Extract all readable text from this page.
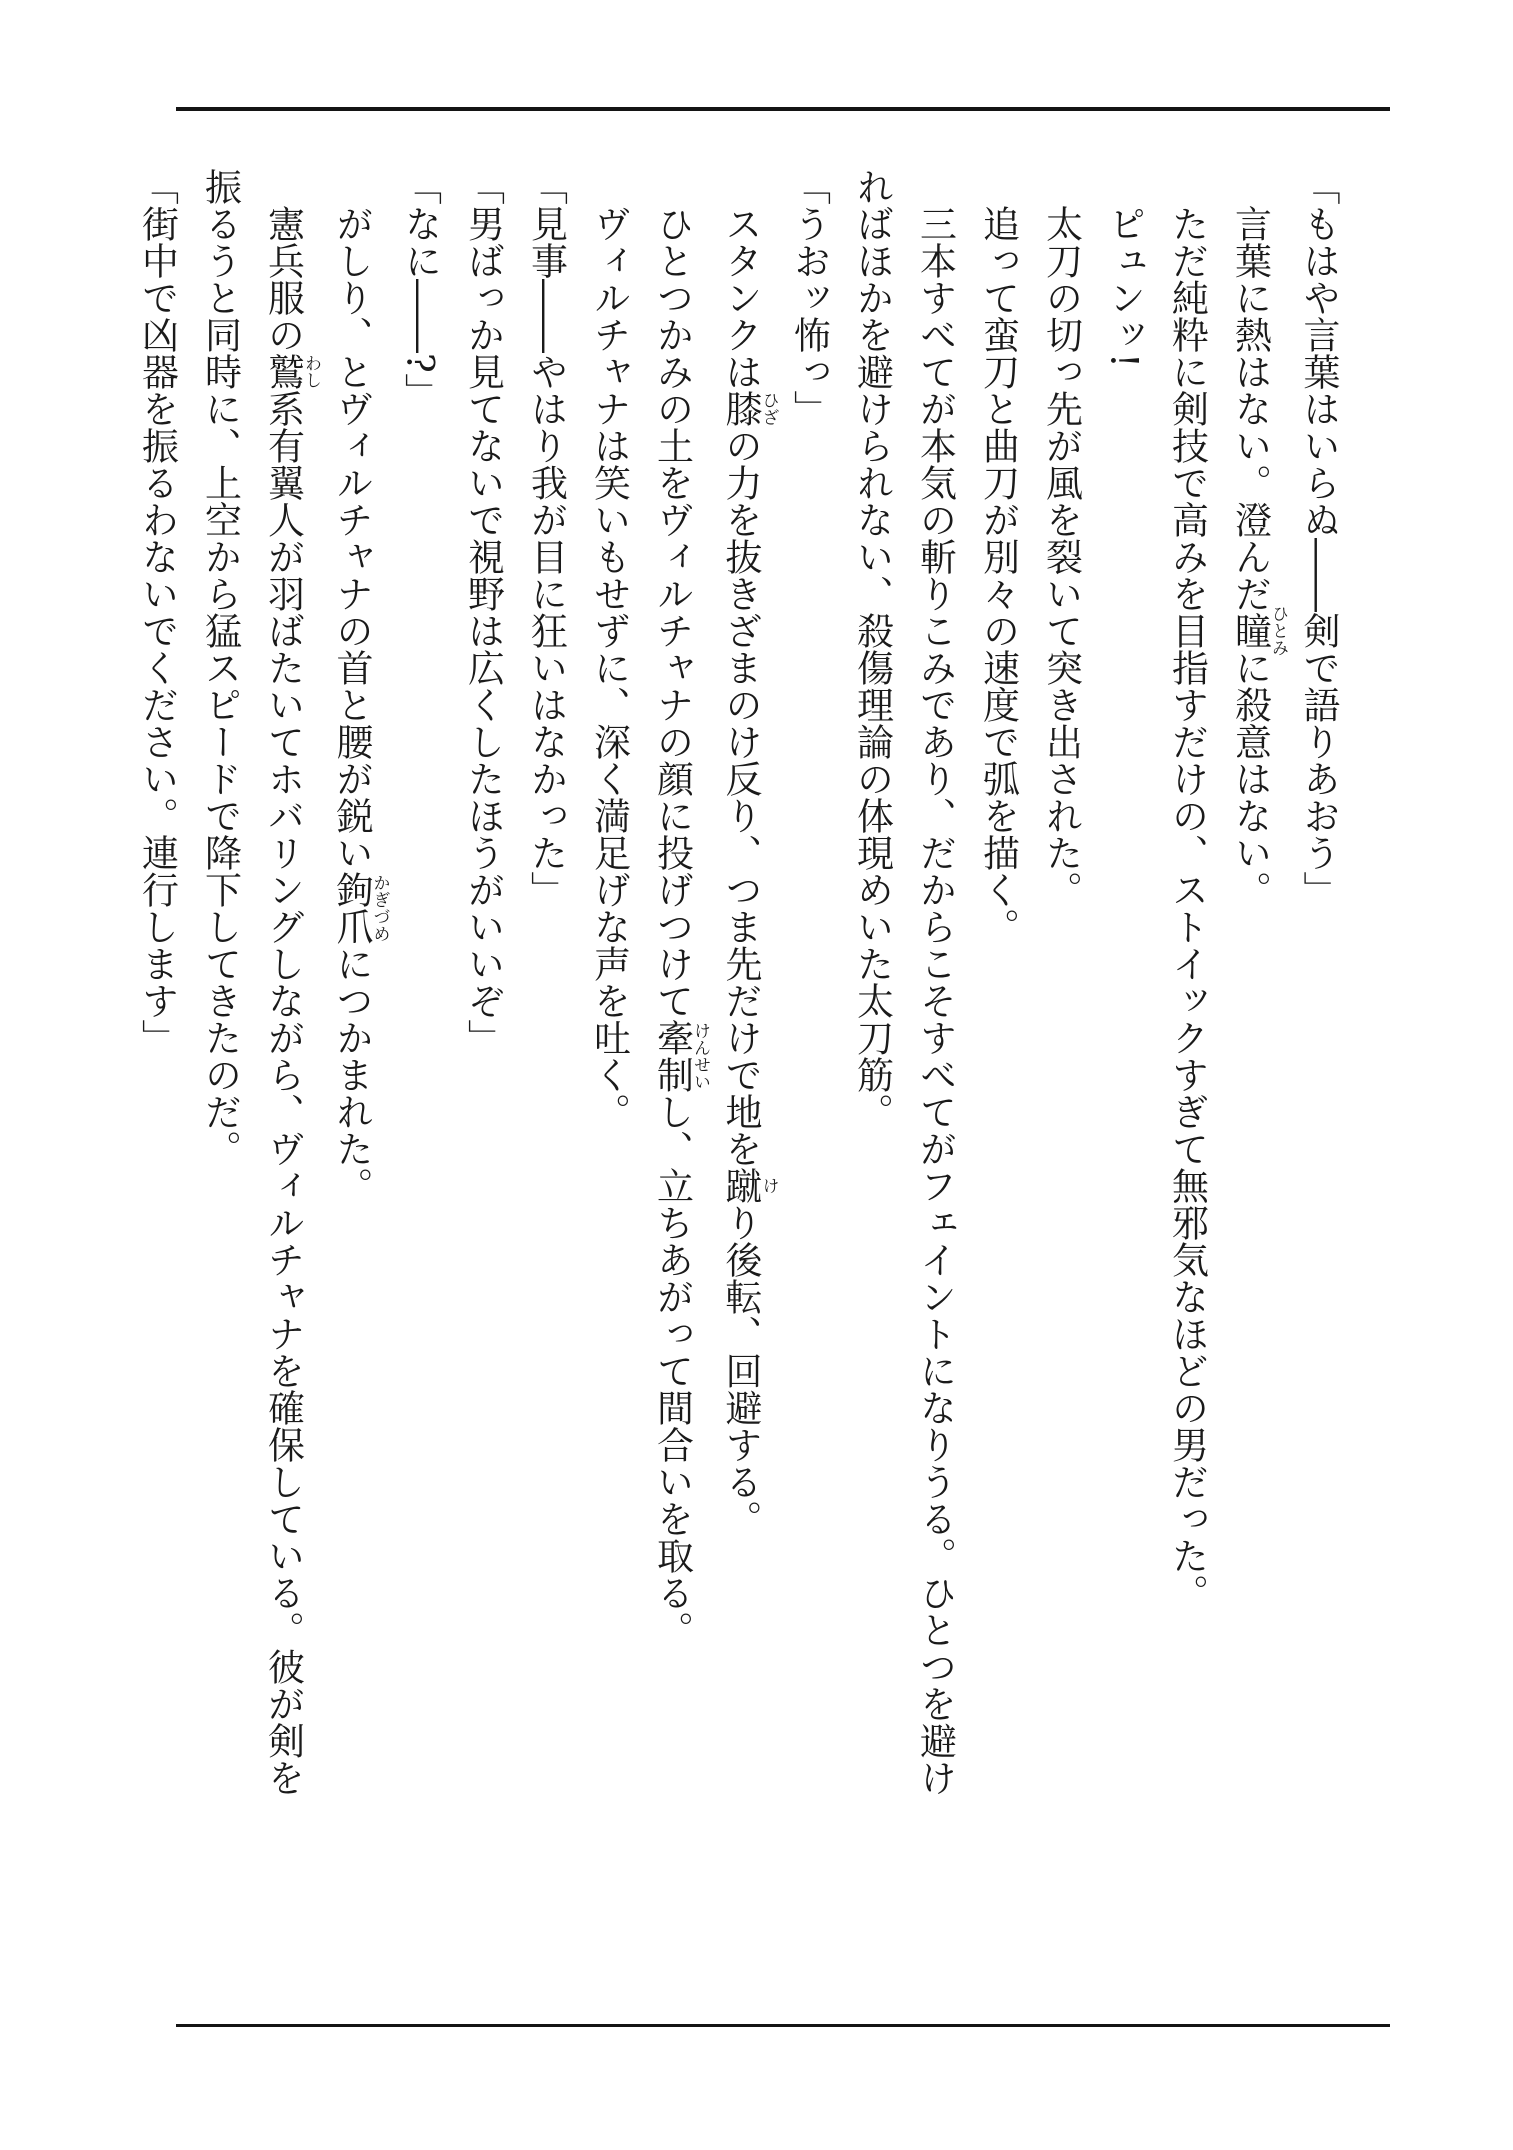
「もはや言葉はいらぬ――剣で語りあおう」

言葉に熱はない。澄んだ瞳ひとみに殺意はない。

ただ純粋に剣技で高みを目指すだけの、ストイックすぎて無邪気なほどの男だった。

ピュンッ!

太刀の切っ先が風を裂いて突き出された。

追って蛮刀と曲刀が別々の速度で弧を描く。

三本すべてが本気の斬りこみであり、だからこそすべてがフェイントになりうる。ひとつを避ければほかを避けられない、殺傷理論の体現めいた太刀筋。

「うおッ怖っ」

スタンクは膝ひざの力を抜きざまのけ反り、つま先だけで地を蹴けり後転、回避する。

ひとつかみの土をヴィルチャナの顔に投げつけて牽制けんせいし、立ちあがって間合いを取る。

ヴィルチャナは笑いもせずに、深く満足げな声を吐く。

「見事――やはり我が目に狂いはなかった」

「男ばっか見てないで視野は広くしたほうがいいぞ」

「なに――?」

がしり、とヴィルチャナの首と腰が鋭い鉤爪かぎづめにつかまれた。

憲兵服の鷲わし系有翼人が羽ばたいてホバリングしながら、ヴィルチャナを確保している。彼が剣を振るうと同時に、上空から猛スピードで降下してきたのだ。

「街中で凶器を振るわないでください。連行します」
